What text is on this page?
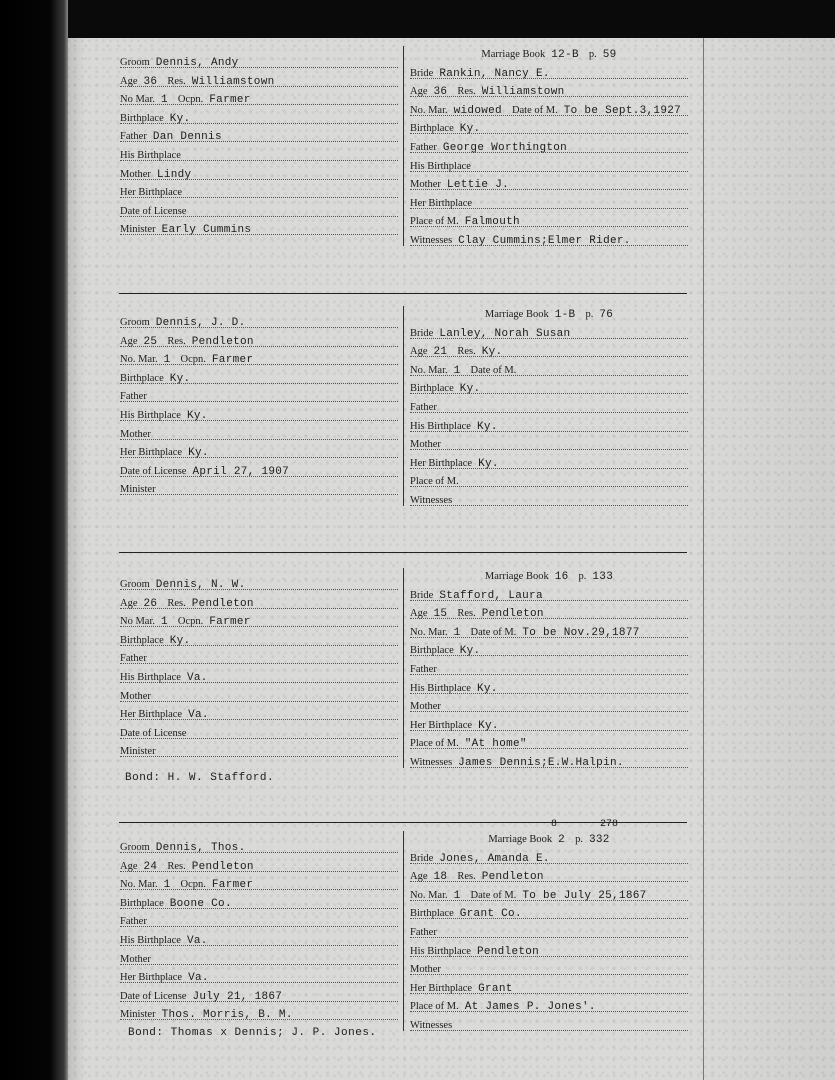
Groom Dennis, Andy
Age 36 Res. Williamstown
No Mar. 1 Ocpn. Farmer
Birthplace Ky.
Father Dan Dennis
His Birthplace
Mother Lindy
Her Birthplace
Date of License
Minister Early Cummins
Marriage Book 12-B p. 59
Bride Rankin, Nancy E.
Age 36 Res. Williamstown
No. Mar. widowed Date of M. To be Sept.3,1927
Birthplace Ky.
Father George Worthington
His Birthplace
Mother Lettie J.
Her Birthplace
Place of M. Falmouth
Witnesses Clay Cummins;Elmer Rider.
Groom Dennis, J. D.
Age 25 Res. Pendleton
No. Mar. 1 Ocpn. Farmer
Birthplace Ky.
Father
His Birthplace Ky.
Mother
Her Birthplace Ky.
Date of License April 27, 1907
Minister
Marriage Book 1-B p. 76
Bride Lanley, Norah Susan
Age 21 Res. Ky.
No. Mar. 1 Date of M.
Birthplace Ky.
Father
His Birthplace Ky.
Mother
Her Birthplace Ky.
Place of M.
Witnesses
Groom Dennis, N. W.
Age 26 Res. Pendleton
No Mar. 1 Ocpn. Farmer
Birthplace Ky.
Father
His Birthplace Va.
Mother
Her Birthplace Va.
Date of License
Minister
Marriage Book 16 p. 133
Bride Stafford, Laura
Age 15 Res. Pendleton
No. Mar. 1 Date of M. To be Nov.29,1877
Birthplace Ky.
Father
His Birthplace Ky.
Mother
Her Birthplace Ky.
Place of M. "At home"
Witnesses James Dennis;E.W.Halpin.
Groom Dennis, Thos.
Age 24 Res. Pendleton
No. Mar. 1 Ocpn. Farmer
Birthplace Boone Co.
Father
His Birthplace Va.
Mother
Her Birthplace Va.
Date of License July 21, 1867
Minister Thos. Morris, B. M.
Marriage Book 2 p. 332
Bride Jones, Amanda E.
Age 18 Res. Pendleton
No. Mar. 1 Date of M. To be July 25,1867
Birthplace Grant Co.
Father
His Birthplace Pendleton
Mother
Her Birthplace Grant
Place of M. At James P. Jones'.
Witnesses
8	278
Bond: H. W. Stafford.
Bond: Thomas x Dennis; J. P. Jones.
